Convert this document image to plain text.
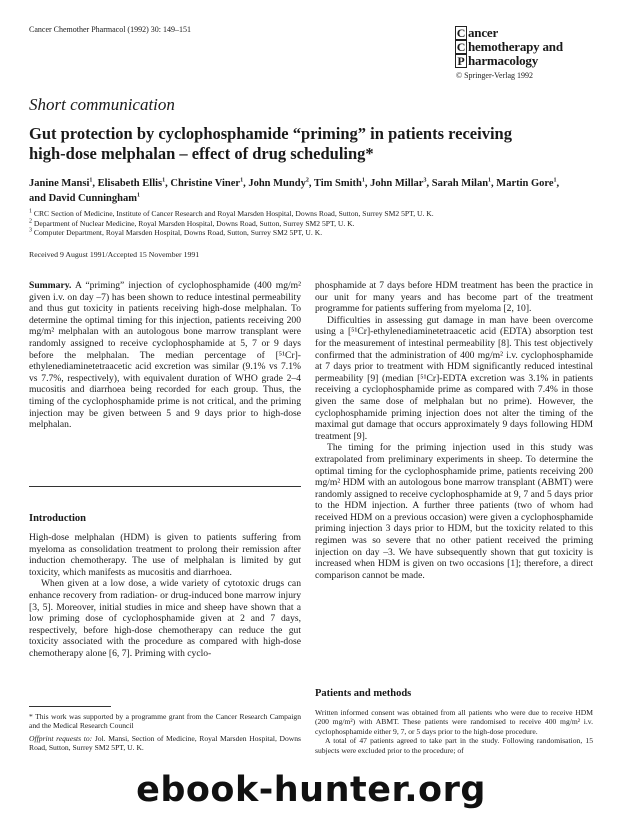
Cancer Chemother Pharmacol (1992) 30: 149–151	C ancer
C hemotherapy and
P harmacology
© Springer-Verlag 1992
Short communication
Gut protection by cyclophosphamide “priming” in patients receiving high-dose melphalan – effect of drug scheduling*
Janine Mansi$^1$, Elisabeth Ellis$^1$, Christine Viner$^1$, John Mundy$^2$, Tim Smith$^1$, John Millar$^3$, Sarah Milan$^1$, Martin Gore$^1$, and David Cunningham$^1$
$^1$ CRC Section of Medicine, Institute of Cancer Research and Royal Marsden Hospital, Downs Road, Sutton, Surrey SM2 5PT, U. K.
$^2$ Department of Nuclear Medicine, Royal Marsden Hospital, Downs Road, Sutton, Surrey SM2 5PT, U. K.
$^3$ Computer Department, Royal Marsden Hospital, Downs Road, Sutton, Surrey SM2 5PT, U. K.
Received 9 August 1991/Accepted 15 November 1991

Summary. A “priming” injection of cyclophosphamide (400 mg/m² given i.v. on day –7) has been shown to reduce intestinal permeability and thus gut toxicity in patients receiving high-dose melphalan. To determine the optimal timing for this injection, patients receiving 200 mg/m² melphalan with an autologous bone marrow transplant were randomly assigned to receive cyclophosphamide at 5, 7 or 9 days before the melphalan. The median percentage of [⁵¹Cr]-ethylenediaminetetraacetic acid excretion was similar (9.1% vs 7.1% vs 7.7%, respectively), with equivalent duration of WHO grade 2–4 mucositis and diarrhoea being recorded for each group. Thus, the timing of the cyclophosphamide prime is not critical, and the priming injection may be given between 5 and 9 days prior to high-dose melphalan.

Introduction

High-dose melphalan (HDM) is given to patients suffering from myeloma as consolidation treatment to prolong their remission after induction chemotherapy. The use of melphalan is limited by gut toxicity, which manifests as mucositis and diarrhoea.

When given at a low dose, a wide variety of cytotoxic drugs can enhance recovery from radiation- or drug-induced bone marrow injury [3, 5]. Moreover, initial studies in mice and sheep have shown that a low priming dose of cyclophosphamide given at 2 and 7 days, respectively, before high-dose chemotherapy can reduce the gut toxicity associated with the procedure as compared with high-dose chemotherapy alone [6, 7]. Priming with cyclo-

* This work was supported by a programme grant from the Cancer Research Campaign and the Medical Research Council

Offprint requests to: Jol. Mansi, Section of Medicine, Royal Marsden Hospital, Downs Road, Sutton, Surrey SM2 5PT, U. K.

phosphamide at 7 days before HDM treatment has been the practice in our unit for many years and has become part of the treatment programme for patients suffering from myeloma [2, 10].

Difficulties in assessing gut damage in man have been overcome using a [⁵¹Cr]-ethylenediaminetetraacetic acid (EDTA) absorption test for the measurement of intestinal permeability [8]. This test objectively confirmed that the administration of 400 mg/m² i.v. cyclophosphamide at 7 days prior to treatment with HDM significantly reduced intestinal permeability [9] (median [⁵¹Cr]-EDTA excretion was 3.1% in patients receiving a cyclophosphamide prime as compared with 7.4% in those given the same dose of melphalan but no prime). However, the cyclophosphamide priming injection does not alter the timing of the maximal gut damage that occurs approximately 9 days following HDM treatment [9].

The timing for the priming injection used in this study was extrapolated from preliminary experiments in sheep. To determine the optimal timing for the cyclophosphamide prime, patients receiving 200 mg/m² HDM with an autologous bone marrow transplant (ABMT) were randomly assigned to receive cyclophosphamide at 9, 7 and 5 days prior to the HDM injection. A further three patients (two of whom had received HDM on a previous occasion) were given a cyclophosphamide priming injection 3 days prior to HDM, but the toxicity related to this regimen was so severe that no other patient received the priming injection on day –3. We have subsequently shown that gut toxicity is increased when HDM is given on two occasions [1]; therefore, a direct comparison cannot be made.

Patients and methods

Written informed consent was obtained from all patients who were due to receive HDM (200 mg/m²) with ABMT. These patients were randomised to receive 400 mg/m² i.v. cyclophosphamide either 9, 7, or 5 days prior to the high-dose procedure.

A total of 47 patients agreed to take part in the study. Following randomisation, 15 subjects were excluded prior to the procedure; of

ebook-hunter.org
